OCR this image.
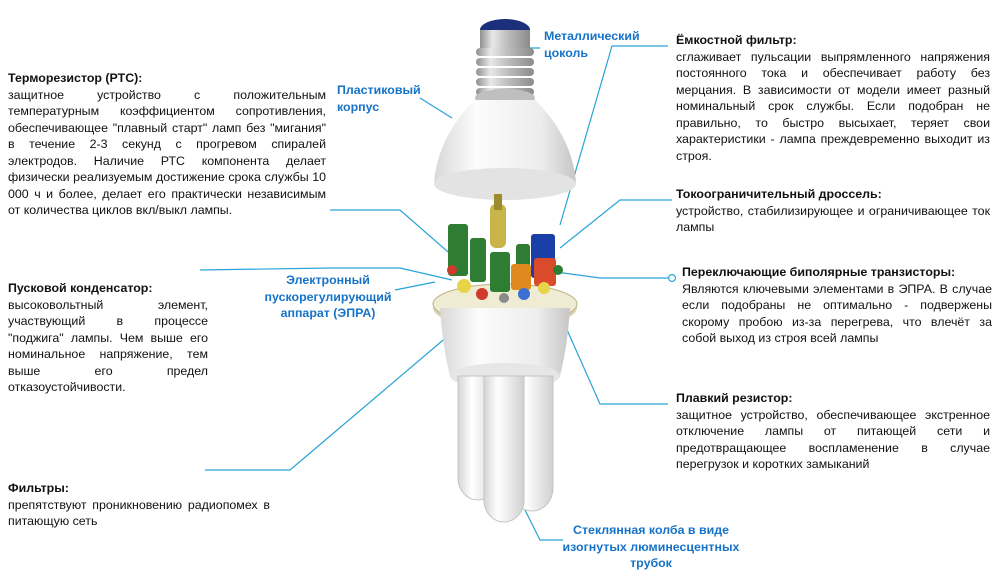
Терморезистор (РТС):
защитное устройство с положительным температурным коэффициентом сопротивления, обеспечивающее "плавный старт" ламп без "мигания" в течение 2-3 секунд с прогревом спиралей электродов. Наличие РТС компонента делает физически реализуемым достижение срока службы 10 000 ч и более, делает его практически независимым от количества циклов вкл/выкл лампы.
Пусковой конденсатор:
высоковольтный элемент, участвующий в процессе "поджига" лампы. Чем выше его номинальное напряжение, тем выше его предел отказоустойчивости.
Фильтры:
препятствуют проникновению радиопомех в питающую сеть
Пластиковый корпус
Металлический цоколь
Электронный пускорегулирующий аппарат (ЭПРА)
Ёмкостной фильтр:
сглаживает пульсации выпрямленного напряжения постоянного тока и обеспечивает работу без мерцания. В зависимости от модели имеет разный номинальный срок службы. Если подобран не правильно, то быстро высыхает, теряет свои характеристики - лампа преждевременно выходит из строя.
Токоограничительный дроссель:
устройство, стабилизирующее и ограничивающее ток лампы
Переключающие биполярные транзисторы:
Являются ключевыми элементами в ЭПРА. В случае если подобраны не оптимально - подвержены скорому пробою из-за перегрева, что влечёт за собой выход из строя всей лампы
Плавкий резистор:
защитное устройство, обеспечивающее экстренное отключение лампы от питающей сети и предотвращающее воспламенение в случае перегрузок и коротких замыканий
Стеклянная колба в виде изогнутых люминесцентных трубок
